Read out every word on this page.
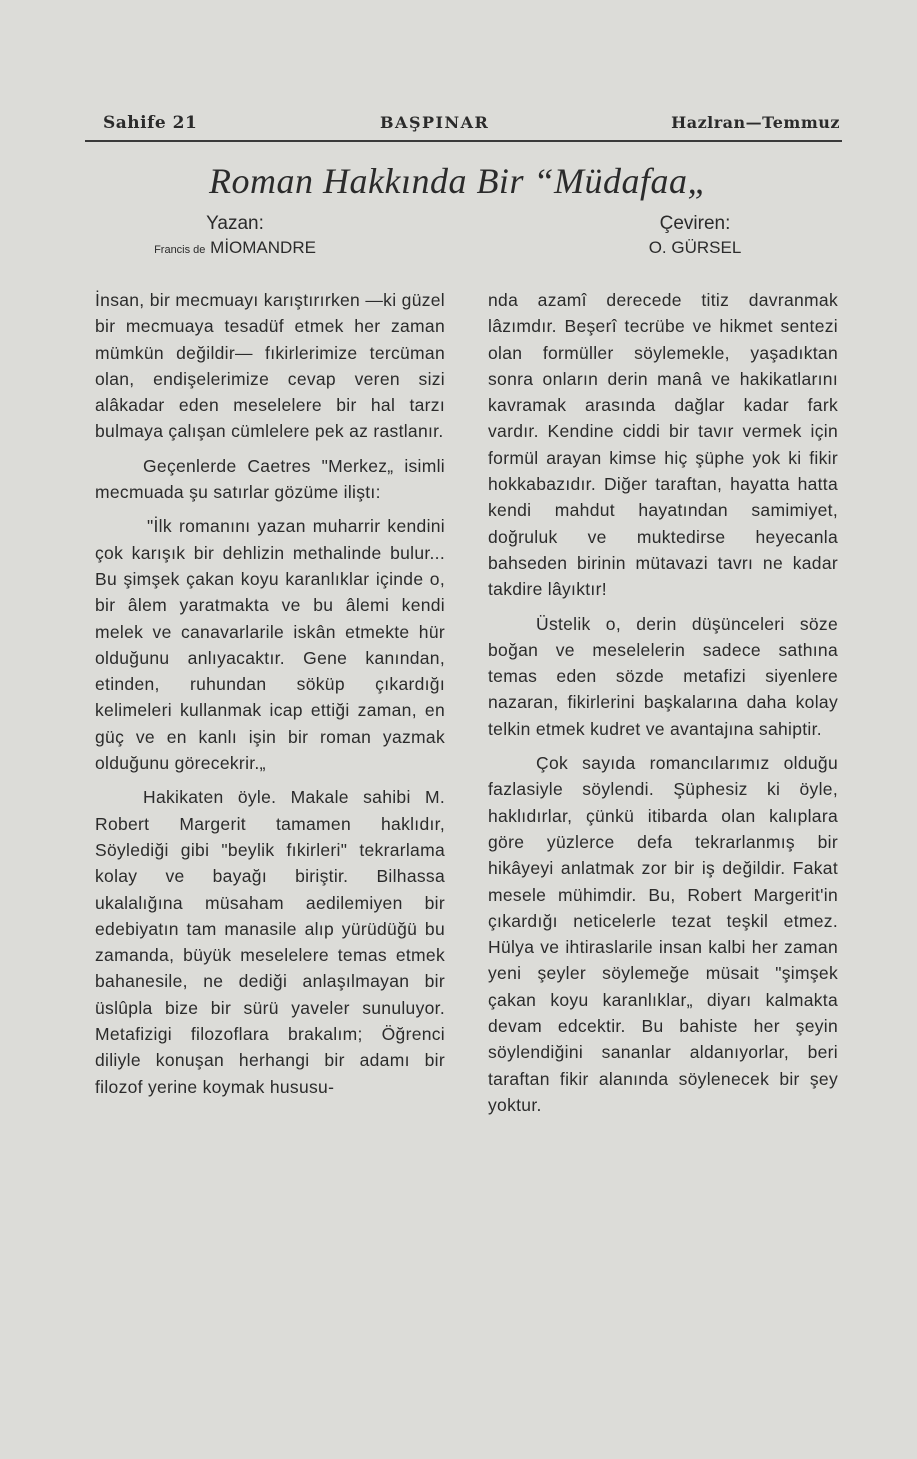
Sahife 21	BAŞPINAR	Hazlran—Temmuz
Roman Hakkında Bir “Müdafaa„
Yazan:
Francis de MİOMANDRE
Çeviren:
O. GÜRSEL

İnsan, bir mecmuayı karıştırırken —ki güzel bir mecmuaya tesadüf etmek her zaman mümkün değildir— fıkirlerimize tercüman olan, endişelerimize cevap veren sizi alâkadar eden meselelere bir hal tarzı bulmaya çalışan cümlelere pek az rastlanır.

Geçenlerde Caetres "Merkez„ isimli mecmuada şu satırlar gözüme iliştı:

"İlk romanını yazan muharrir kendini çok karışık bir dehlizin methalinde bulur... Bu şimşek çakan koyu karanlıklar içinde o, bir âlem yaratmakta ve bu âlemi kendi melek ve canavarlarile iskân etmekte hür olduğunu anlıyacaktır. Gene kanından, etinden, ruhundan söküp çıkardığı kelimeleri kullanmak icap ettiği zaman, en güç ve en kanlı işin bir roman yazmak olduğunu görecekrir.„

Hakikaten öyle. Makale sahibi M. Robert Margerit tamamen haklıdır, Söylediği gibi "beylik fıkirleri" tekrarlama kolay ve bayağı biriştir. Bilhassa ukalalığına müsaham aedilemiyen bir edebiyatın tam manasile alıp yürüdüğü bu zamanda, büyük meselelere temas etmek bahanesile, ne dediği anlaşılmayan bir üslûpla bize bir sürü yaveler sunuluyor. Metafizigi filozoflara brakalım; Öğrenci diliyle konuşan herhangi bir adamı bir filozof yerine koymak hususu-

nda azamî derecede titiz davranmak lâzımdır. Beşerî tecrübe ve hikmet sentezi olan formüller söylemekle, yaşadıktan sonra onların derin manâ ve hakikatlarını kavramak arasında dağlar kadar fark vardır. Kendine ciddi bir tavır vermek için formül arayan kimse hiç şüphe yok ki fikir hokkabazıdır. Diğer taraftan, hayatta hatta kendi mahdut hayatından samimiyet, doğruluk ve muktedirse heyecanla bahseden birinin mütavazi tavrı ne kadar takdire lâyıktır!

Üstelik o, derin düşünceleri söze boğan ve meselelerin sadece sathına temas eden sözde metafizi siyenlere nazaran, fikirlerini başkalarına daha kolay telkin etmek kudret ve avantajına sahiptir.

Çok sayıda romancılarımız olduğu fazlasiyle söylendi. Şüphesiz ki öyle, haklıdırlar, çünkü itibarda olan kalıplara göre yüzlerce defa tekrarlanmış bir hikâyeyi anlatmak zor bir iş değildir. Fakat mesele mühimdir. Bu, Robert Margerit'in çıkardığı neticelerle tezat teşkil etmez. Hülya ve ihtiraslarile insan kalbi her zaman yeni şeyler söylemeğe müsait "şimşek çakan koyu karanlıklar„ diyarı kalmakta devam edcektir. Bu bahiste her şeyin söylendiğini sananlar aldanıyorlar, beri taraftan fikir alanında söylenecek bir şey yoktur.
